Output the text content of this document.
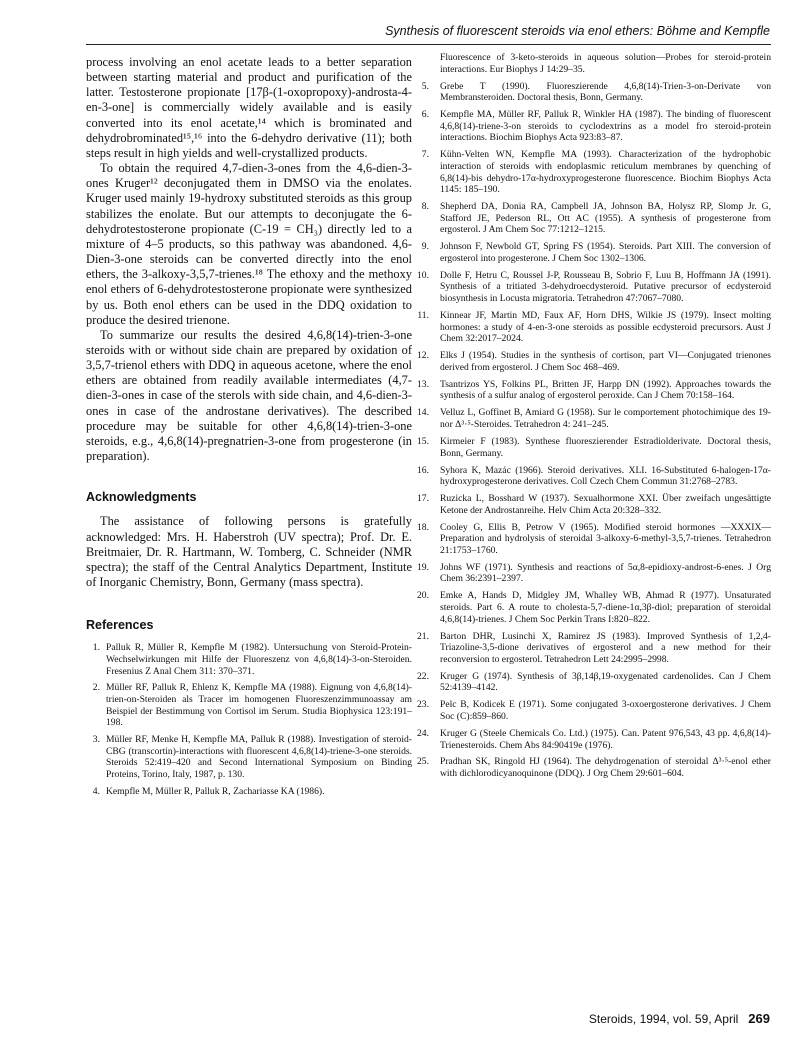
Synthesis of fluorescent steroids via enol ethers: Böhme and Kempfle

process involving an enol acetate leads to a better separation between starting material and product and purification of the latter. Testosterone propionate [17β-(1-oxopropoxy)-androsta-4-en-3-one] is commercially widely available and is easily converted into its enol acetate,¹⁴ which is brominated and dehydrobrominated¹⁵,¹⁶ into the 6-dehydro derivative (11); both steps result in high yields and well-crystallized products.

To obtain the required 4,7-dien-3-ones from the 4,6-dien-3-ones Kruger¹² deconjugated them in DMSO via the enolates. Kruger used mainly 19-hydroxy substituted steroids as this group stabilizes the enolate. But our attempts to deconjugate the 6-dehydrotestosterone propionate (C-19 = CH₃) directly led to a mixture of 4–5 products, so this pathway was abandoned. 4,6-Dien-3-one steroids can be converted directly into the enol ethers, the 3-alkoxy-3,5,7-trienes.¹⁸ The ethoxy and the methoxy enol ethers of 6-dehydrotestosterone propionate were synthesized by us. Both enol ethers can be used in the DDQ oxidation to produce the desired trienone.

To summarize our results the desired 4,6,8(14)-trien-3-one steroids with or without side chain are prepared by oxidation of 3,5,7-trienol ethers with DDQ in aqueous acetone, where the enol ethers are obtained from readily available intermediates (4,7-dien-3-ones in case of the sterols with side chain, and 4,6-dien-3-ones in case of the androstane derivatives). The described procedure may be suitable for other 4,6,8(14)-trien-3-one steroids, e.g., 4,6,8(14)-pregnatrien-3-one from progesterone (in preparation).

Acknowledgments

The assistance of following persons is gratefully acknowledged: Mrs. H. Haberstroh (UV spectra); Prof. Dr. E. Breitmaier, Dr. R. Hartmann, W. Tomberg, C. Schneider (NMR spectra); the staff of the Central Analytics Department, Institute of Inorganic Chemistry, Bonn, Germany (mass spectra).

References
1. Palluk R, Müller R, Kempfle M (1982). Untersuchung von Steroid-Protein-Wechselwirkungen mit Hilfe der Fluoreszenz von 4,6,8(14)-3-on-Steroiden. Fresenius Z Anal Chem 311: 370–371.
2. Müller RF, Palluk R, Ehlenz K, Kempfle MA (1988). Eignung von 4,6,8(14)-trien-on-Steroiden als Tracer im homogenen Fluoreszenzimmunoassay am Beispiel der Bestimmung von Cortisol im Serum. Studia Biophysica 123:191–198.
3. Müller RF, Menke H, Kempfle MA, Palluk R (1988). Investigation of steroid-CBG (transcortin)-interactions with fluorescent 4,6,8(14)-triene-3-one steroids. Steroids 52:419–420 and Second International Symposium on Binding Proteins, Torino, Italy, 1987, p. 130.
4. Kempfle M, Müller R, Palluk R, Zachariasse KA (1986).
Fluorescence of 3-keto-steroids in aqueous solution—Probes for steroid-protein interactions. Eur Biophys J 14:29–35.
5. Grebe T (1990). Fluoreszierende 4,6,8(14)-Trien-3-on-Derivate von Membransteroiden. Doctoral thesis, Bonn, Germany.
6. Kempfle MA, Müller RF, Palluk R, Winkler HA (1987). The binding of fluorescent 4,6,8(14)-triene-3-on steroids to cyclodextrins as a model fro steroid-protein interactions. Biochim Biophys Acta 923:83–87.
7. Kühn-Velten WN, Kempfle MA (1993). Characterization of the hydrophobic interaction of steroids with endoplasmic reticulum membranes by quenching of 6,8(14)-bis dehydro-17α-hydroxyprogesterone fluorescence. Biochim Biophys Acta 1145: 185–190.
8. Shepherd DA, Donia RA, Campbell JA, Johnson BA, Holysz RP, Slomp Jr. G, Stafford JE, Pederson RL, Ott AC (1955). A synthesis of progesterone from ergosterol. J Am Chem Soc 77:1212–1215.
9. Johnson F, Newbold GT, Spring FS (1954). Steroids. Part XIII. The conversion of ergosterol into progesterone. J Chem Soc 1302–1306.
10. Dolle F, Hetru C, Roussel J-P, Rousseau B, Sobrio F, Luu B, Hoffmann JA (1991). Synthesis of a tritiated 3-dehydroecdysteroid. Putative precursor of ecdysteroid biosynthesis in Locusta migratoria. Tetrahedron 47:7067–7080.
11. Kinnear JF, Martin MD, Faux AF, Horn DHS, Wilkie JS (1979). Insect molting hormones: a study of 4-en-3-one steroids as possible ecdysteroid precursors. Aust J Chem 32:2017–2024.
12. Elks J (1954). Studies in the synthesis of cortison, part VI—Conjugated trienones derived from ergosterol. J Chem Soc 468–469.
13. Tsantrizos YS, Folkins PL, Britten JF, Harpp DN (1992). Approaches towards the synthesis of a sulfur analog of ergosterol peroxide. Can J Chem 70:158–164.
14. Velluz L, Goffinet B, Amiard G (1958). Sur le comportement photochimique des 19-nor Δ³·⁵-Steroides. Tetrahedron 4: 241–245.
15. Kirmeier F (1983). Synthese fluoreszierender Estradiolderivate. Doctoral thesis, Bonn, Germany.
16. Syhora K, Mazác (1966). Steroid derivatives. XLI. 16-Substituted 6-halogen-17α-hydroxyprogesterone derivatives. Coll Czech Chem Commun 31:2768–2783.
17. Ruzicka L, Bosshard W (1937). Sexualhormone XXI. Über zweifach ungesättigte Ketone der Androstanreihe. Helv Chim Acta 20:328–332.
18. Cooley G, Ellis B, Petrow V (1965). Modified steroid hormones —XXXIX— Preparation and hydrolysis of steroidal 3-alkoxy-6-methyl-3,5,7-trienes. Tetrahedron 21:1753–1760.
19. Johns WF (1971). Synthesis and reactions of 5α,8-epidioxy-androst-6-enes. J Org Chem 36:2391–2397.
20. Emke A, Hands D, Midgley JM, Whalley WB, Ahmad R (1977). Unsaturated steroids. Part 6. A route to cholesta-5,7-diene-1α,3β-diol; preparation of steroidal 4,6,8(14)-trienes. J Chem Soc Perkin Trans I:820–822.
21. Barton DHR, Lusinchi X, Ramirez JS (1983). Improved Synthesis of 1,2,4-Triazoline-3,5-dione derivatives of ergosterol and a new method for their reconversion to ergosterol. Tetrahedron Lett 24:2995–2998.
22. Kruger G (1974). Synthesis of 3β,14β,19-oxygenated cardenolides. Can J Chem 52:4139–4142.
23. Pelc B, Kodicek E (1971). Some conjugated 3-oxoergosterone derivatives. J Chem Soc (C):859–860.
24. Kruger G (Steele Chemicals Co. Ltd.) (1975). Can. Patent 976,543, 43 pp. 4,6,8(14)-Trienesteroids. Chem Abs 84:90419e (1976).
25. Pradhan SK, Ringold HJ (1964). The dehydrogenation of steroidal Δ³·⁵-enol ether with dichlorodicyanoquinone (DDQ). J Org Chem 29:601–604.
Steroids, 1994, vol. 59, April 269
